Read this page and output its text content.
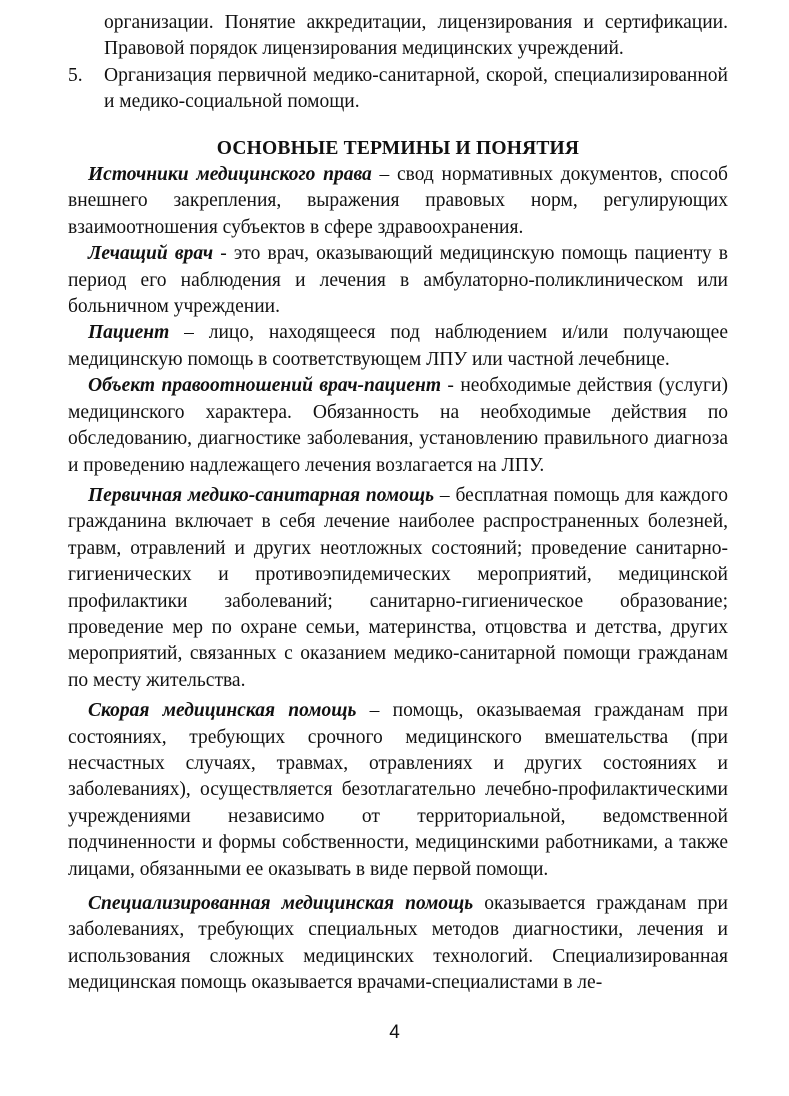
организации. Понятие аккредитации, лицензирования и сертификации. Правовой порядок лицензирования медицинских учреждений.

5.	Организация первичной медико-санитарной, скорой, специализированной и медико-социальной помощи.
ОСНОВНЫЕ ТЕРМИНЫ И ПОНЯТИЯ

Источники медицинского права – свод нормативных документов, способ внешнего закрепления, выражения правовых норм, регулирующих взаимоотношения субъектов в сфере здравоохранения.

Лечащий врач - это врач, оказывающий медицинскую помощь пациенту в период его наблюдения и лечения в амбулаторно-поликлиническом или больничном учреждении.

Пациент – лицо, находящееся под наблюдением и/или получающее медицинскую помощь в соответствующем ЛПУ или частной лечебнице.

Объект правоотношений врач-пациент - необходимые действия (услуги) медицинского характера. Обязанность на необходимые действия по обследованию, диагностике заболевания, установлению правильного диагноза и проведению надлежащего лечения возлагается на ЛПУ.

Первичная медико-санитарная помощь – бесплатная помощь для каждого гражданина включает в себя лечение наиболее распространенных болезней, травм, отравлений и других неотложных состояний; проведение санитарно-гигиенических и противоэпидемических мероприятий, медицинской профилактики заболеваний; санитарно-гигиеническое образование; проведение мер по охране семьи, материнства, отцовства и детства, других мероприятий, связанных с оказанием медико-санитарной помощи гражданам по месту жительства.

Скорая медицинская помощь – помощь, оказываемая гражданам при состояниях, требующих срочного медицинского вмешательства (при несчастных случаях, травмах, отравлениях и других состояниях и заболеваниях), осуществляется безотлагательно лечебно-профилактическими учреждениями независимо от территориальной, ведомственной подчиненности и формы собственности, медицинскими работниками, а также лицами, обязанными ее оказывать в виде первой помощи.

Специализированная медицинская помощь оказывается гражданам при заболеваниях, требующих специальных методов диагностики, лечения и использования сложных медицинских технологий. Специализированная медицинская помощь оказывается врачами-специалистами в ле-

4
